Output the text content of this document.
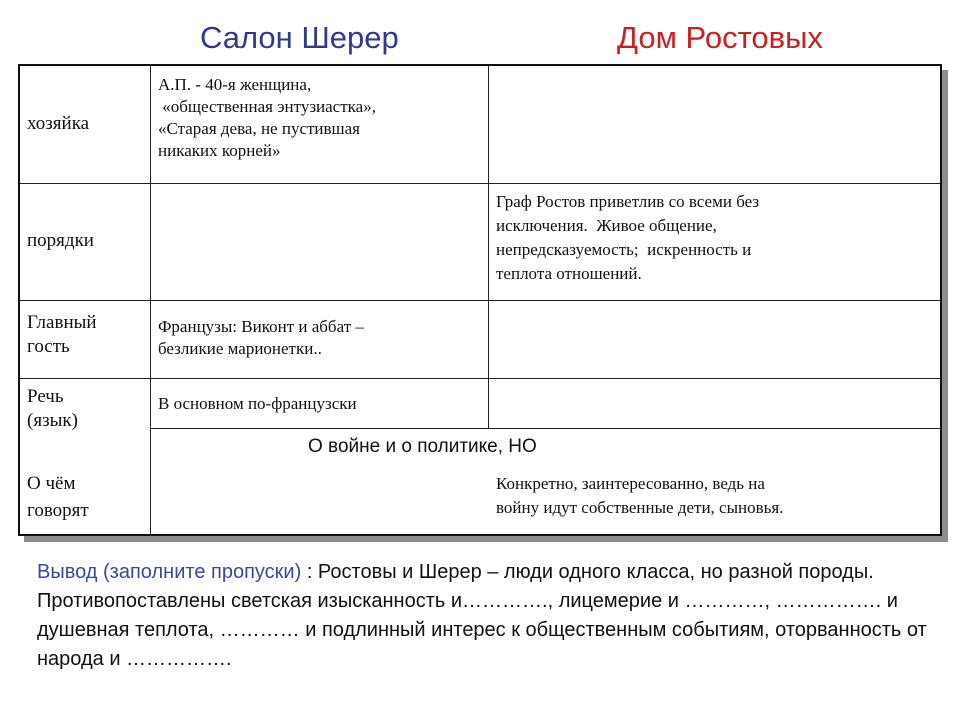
Салон Шерер	Дом Ростовых
хозяйка
порядки
Главный
гость
Речь
(язык)
О чём
говорят
А.П. - 40-я женщина,
«общественная энтузиастка»,
«Старая дева, не пустившая
никаких корней»
Французы: Виконт и аббат –
безликие марионетки..
В основном по-французски
Граф Ростов приветлив со всеми без
исключения.  Живое общение,
непредсказуемость;  искренность и
теплота отношений.
О войне и о политике, НО
Конкретно, заинтересованно, ведь на
войну идут собственные дети, сыновья.
Вывод (заполните пропуски) : Ростовы и Шерер – люди одного класса, но разной породы. Противопоставлены светская изысканность и…………., лицемерие и …………, ……………. и душевная теплота, ………… и подлинный интерес к общественным событиям, оторванность от народа и …………….
